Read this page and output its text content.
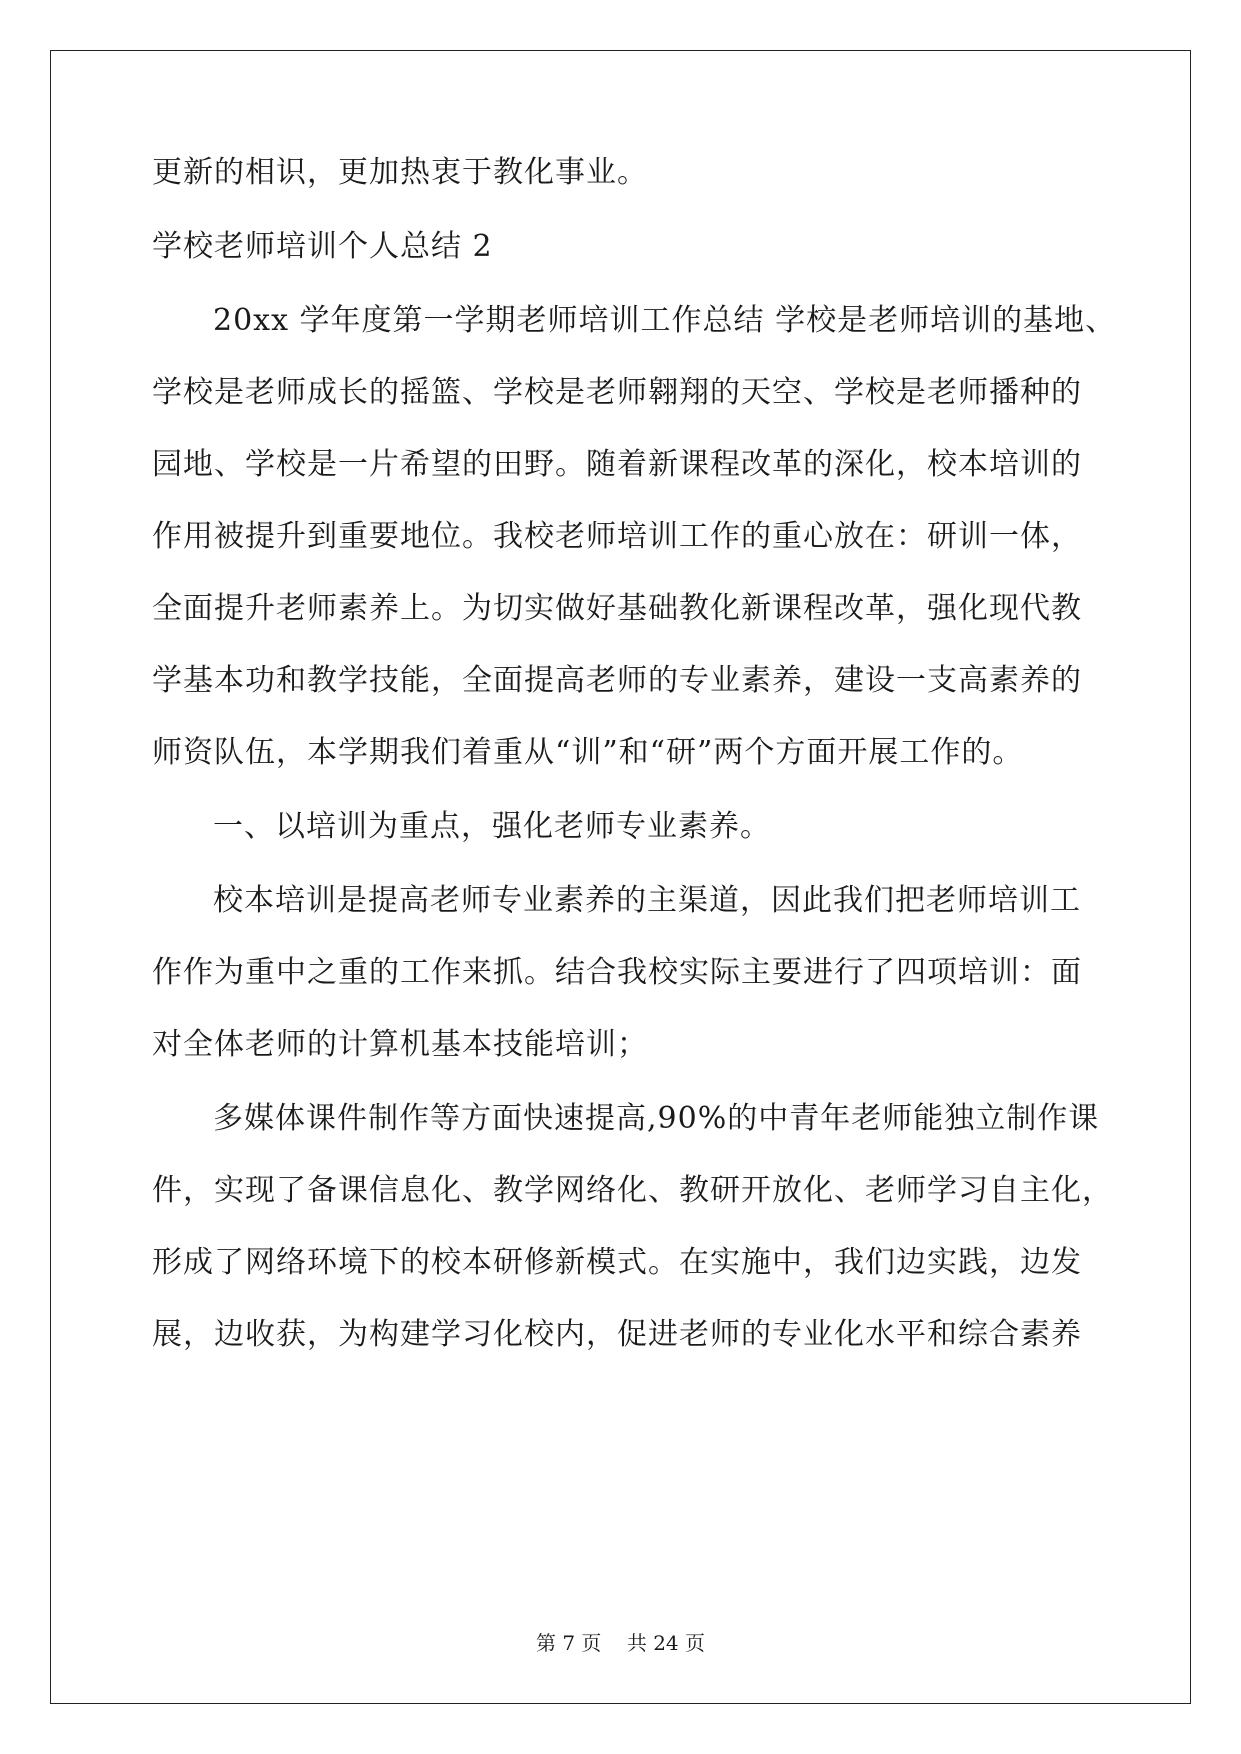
更新的相识，更加热衷于教化事业。
学校老师培训个人总结 2
20xx 学年度第一学期老师培训工作总结 学校是老师培训的基地、
学校是老师成长的摇篮、学校是老师翱翔的天空、学校是老师播种的
园地、学校是一片希望的田野。随着新课程改革的深化，校本培训的
作用被提升到重要地位。我校老师培训工作的重心放在：研训一体，
全面提升老师素养上。为切实做好基础教化新课程改革，强化现代教
学基本功和教学技能，全面提高老师的专业素养，建设一支高素养的
师资队伍，本学期我们着重从“训”和“研”两个方面开展工作的。
一、以培训为重点，强化老师专业素养。
校本培训是提高老师专业素养的主渠道，因此我们把老师培训工
作作为重中之重的工作来抓。结合我校实际主要进行了四项培训：面
对全体老师的计算机基本技能培训；
多媒体课件制作等方面快速提高,90%的中青年老师能独立制作课
件，实现了备课信息化、教学网络化、教研开放化、老师学习自主化，
形成了网络环境下的校本研修新模式。在实施中，我们边实践，边发
展，边收获，为构建学习化校内，促进老师的专业化水平和综合素养
第 7 页    共 24 页
